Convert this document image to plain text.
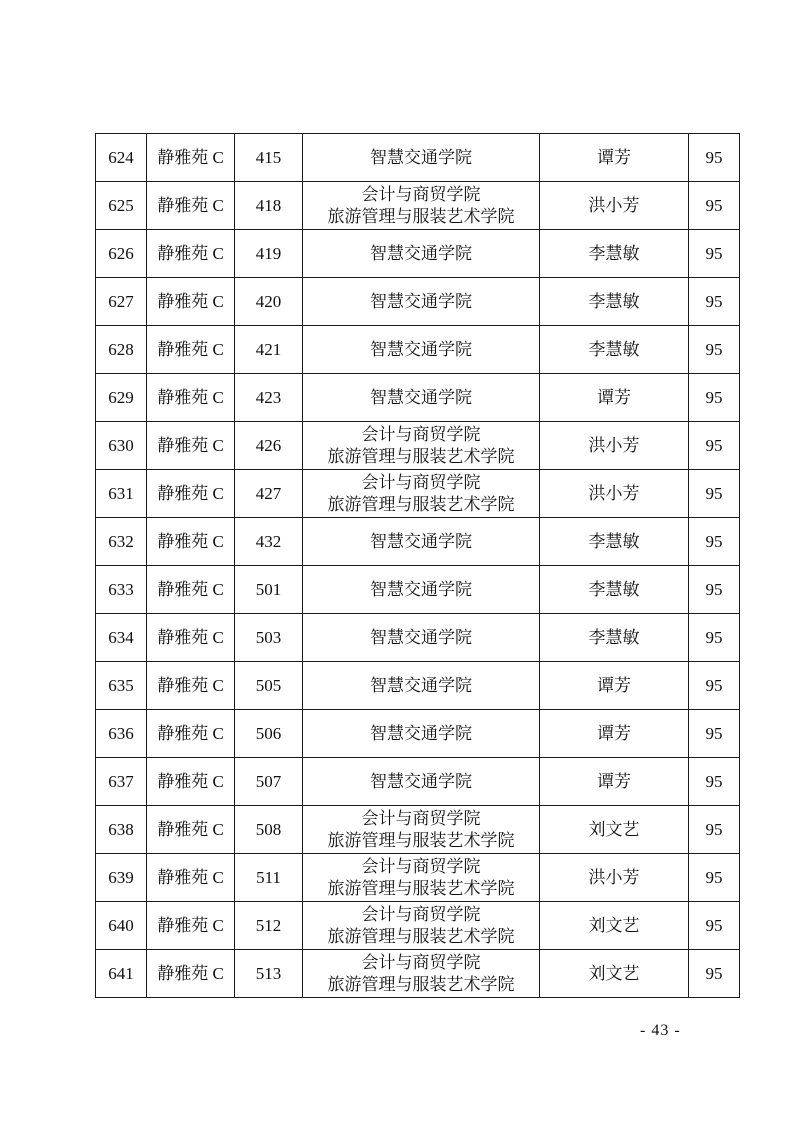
624	静雅苑 C	415	智慧交通学院	谭芳	95
625	静雅苑 C	418	会计与商贸学院
旅游管理与服装艺术学院	洪小芳	95
626	静雅苑 C	419	智慧交通学院	李慧敏	95
627	静雅苑 C	420	智慧交通学院	李慧敏	95
628	静雅苑 C	421	智慧交通学院	李慧敏	95
629	静雅苑 C	423	智慧交通学院	谭芳	95
630	静雅苑 C	426	会计与商贸学院
旅游管理与服装艺术学院	洪小芳	95
631	静雅苑 C	427	会计与商贸学院
旅游管理与服装艺术学院	洪小芳	95
632	静雅苑 C	432	智慧交通学院	李慧敏	95
633	静雅苑 C	501	智慧交通学院	李慧敏	95
634	静雅苑 C	503	智慧交通学院	李慧敏	95
635	静雅苑 C	505	智慧交通学院	谭芳	95
636	静雅苑 C	506	智慧交通学院	谭芳	95
637	静雅苑 C	507	智慧交通学院	谭芳	95
638	静雅苑 C	508	会计与商贸学院
旅游管理与服装艺术学院	刘文艺	95
639	静雅苑 C	511	会计与商贸学院
旅游管理与服装艺术学院	洪小芳	95
640	静雅苑 C	512	会计与商贸学院
旅游管理与服装艺术学院	刘文艺	95
641	静雅苑 C	513	会计与商贸学院
旅游管理与服装艺术学院	刘文艺	95
- 43 -
